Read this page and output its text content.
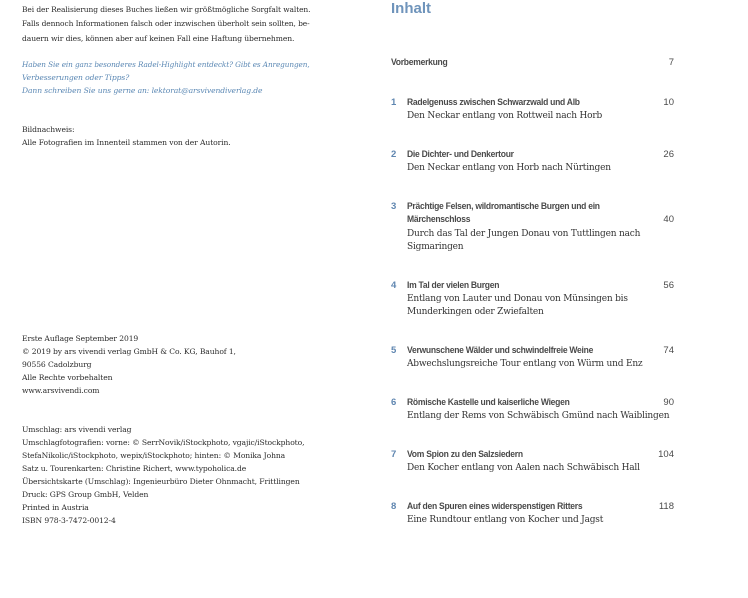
Bei der Realisierung dieses Buches ließen wir größtmögliche Sorgfalt walten.
Falls dennoch Informationen falsch oder inzwischen überholt sein sollten, be-
dauern wir dies, können aber auf keinen Fall eine Haftung übernehmen.
Haben Sie ein ganz besonderes Radel-Highlight entdeckt? Gibt es Anregungen,
Verbesserungen oder Tipps?
Dann schreiben Sie uns gerne an: lektorat@arsvivendiverlag.de
Bildnachweis:
Alle Fotografien im Innenteil stammen von der Autorin.
Erste Auflage September 2019
© 2019 by ars vivendi verlag GmbH & Co. KG, Bauhof 1,
90556 Cadolzburg
Alle Rechte vorbehalten
www.arsvivendi.com
Umschlag: ars vivendi verlag
Umschlagfotografien: vorne: © SerrNovik/iStockphoto, vgajic/iStockphoto,
StefaNikolic/iStockphoto, wepix/iStockphoto; hinten: © Monika Johna
Satz u. Tourenkarten: Christine Richert, www.typoholica.de
Übersichtskarte (Umschlag): Ingenieurbüro Dieter Ohnmacht, Frittlingen
Druck: GPS Group GmbH, Velden
Printed in Austria
ISBN 978-3-7472-0012-4
Inhalt
Vorbemerkung	7
1 Radelgenuss zwischen Schwarzwald und Alb	10
Den Neckar entlang von Rottweil nach Horb
2 Die Dichter- und Denkertour	26
Den Neckar entlang von Horb nach Nürtingen
3 Prächtige Felsen, wildromantische Burgen und ein
Märchenschloss	40
Durch das Tal der Jungen Donau von Tuttlingen nach
Sigmaringen
4 Im Tal der vielen Burgen	56
Entlang von Lauter und Donau von Münsingen bis
Munderkingen oder Zwiefalten
5 Verwunschene Wälder und schwindelfreie Weine	74
Abwechslungsreiche Tour entlang von Würm und Enz
6 Römische Kastelle und kaiserliche Wiegen	90
Entlang der Rems von Schwäbisch Gmünd nach Waiblingen
7 Vom Spion zu den Salzsiedern	104
Den Kocher entlang von Aalen nach Schwäbisch Hall
8 Auf den Spuren eines widerspenstigen Ritters	118
Eine Rundtour entlang von Kocher und Jagst
